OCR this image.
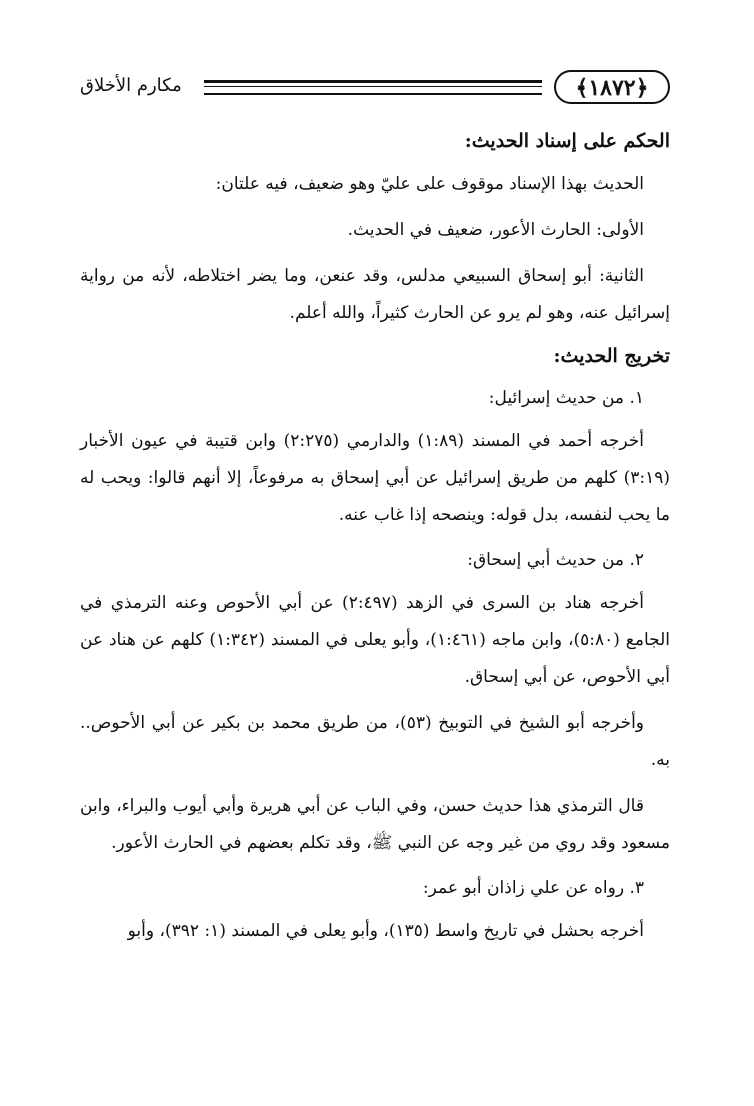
﴿١٨٧٢﴾
مكارم الأخلاق
الحكم على إسناد الحديث:

الحديث بهذا الإسناد موقوف على عليّ وهو ضعيف، فيه علتان:

الأولى: الحارث الأعور، ضعيف في الحديث.

الثانية: أبو إسحاق السبيعي مدلس، وقد عنعن، وما يضر اختلاطه، لأنه من رواية إسرائيل عنه، وهو لم يرو عن الحارث كثيراً، والله أعلم.

تخريج الحديث:
١. من حديث إسرائيل:

أخرجه أحمد في المسند (١:٨٩) والدارمي (٢:٢٧٥) وابن قتيبة في عيون الأخبار (٣:١٩) كلهم من طريق إسرائيل عن أبي إسحاق به مرفوعاً، إلا أنهم قالوا: ويحب له ما يحب لنفسه، بدل قوله: وينصحه إذا غاب عنه.

٢. من حديث أبي إسحاق:

أخرجه هناد بن السرى في الزهد (٢:٤٩٧) عن أبي الأحوص وعنه الترمذي في الجامع (٥:٨٠)، وابن ماجه (١:٤٦١)، وأبو يعلى في المسند (١:٣٤٢) كلهم عن هناد عن أبي الأحوص، عن أبي إسحاق.

وأخرجه أبو الشيخ في التوبيخ (٥٣)، من طريق محمد بن بكير عن أبي الأحوص.. به.

قال الترمذي هذا حديث حسن، وفي الباب عن أبي هريرة وأبي أيوب والبراء، وابن مسعود وقد روي من غير وجه عن النبي ﷺ، وقد تكلم بعضهم في الحارث الأعور.

٣. رواه عن علي زاذان أبو عمر:

أخرجه بحشل في تاريخ واسط (١٣٥)، وأبو يعلى في المسند (١: ٣٩٢)، وأبو
